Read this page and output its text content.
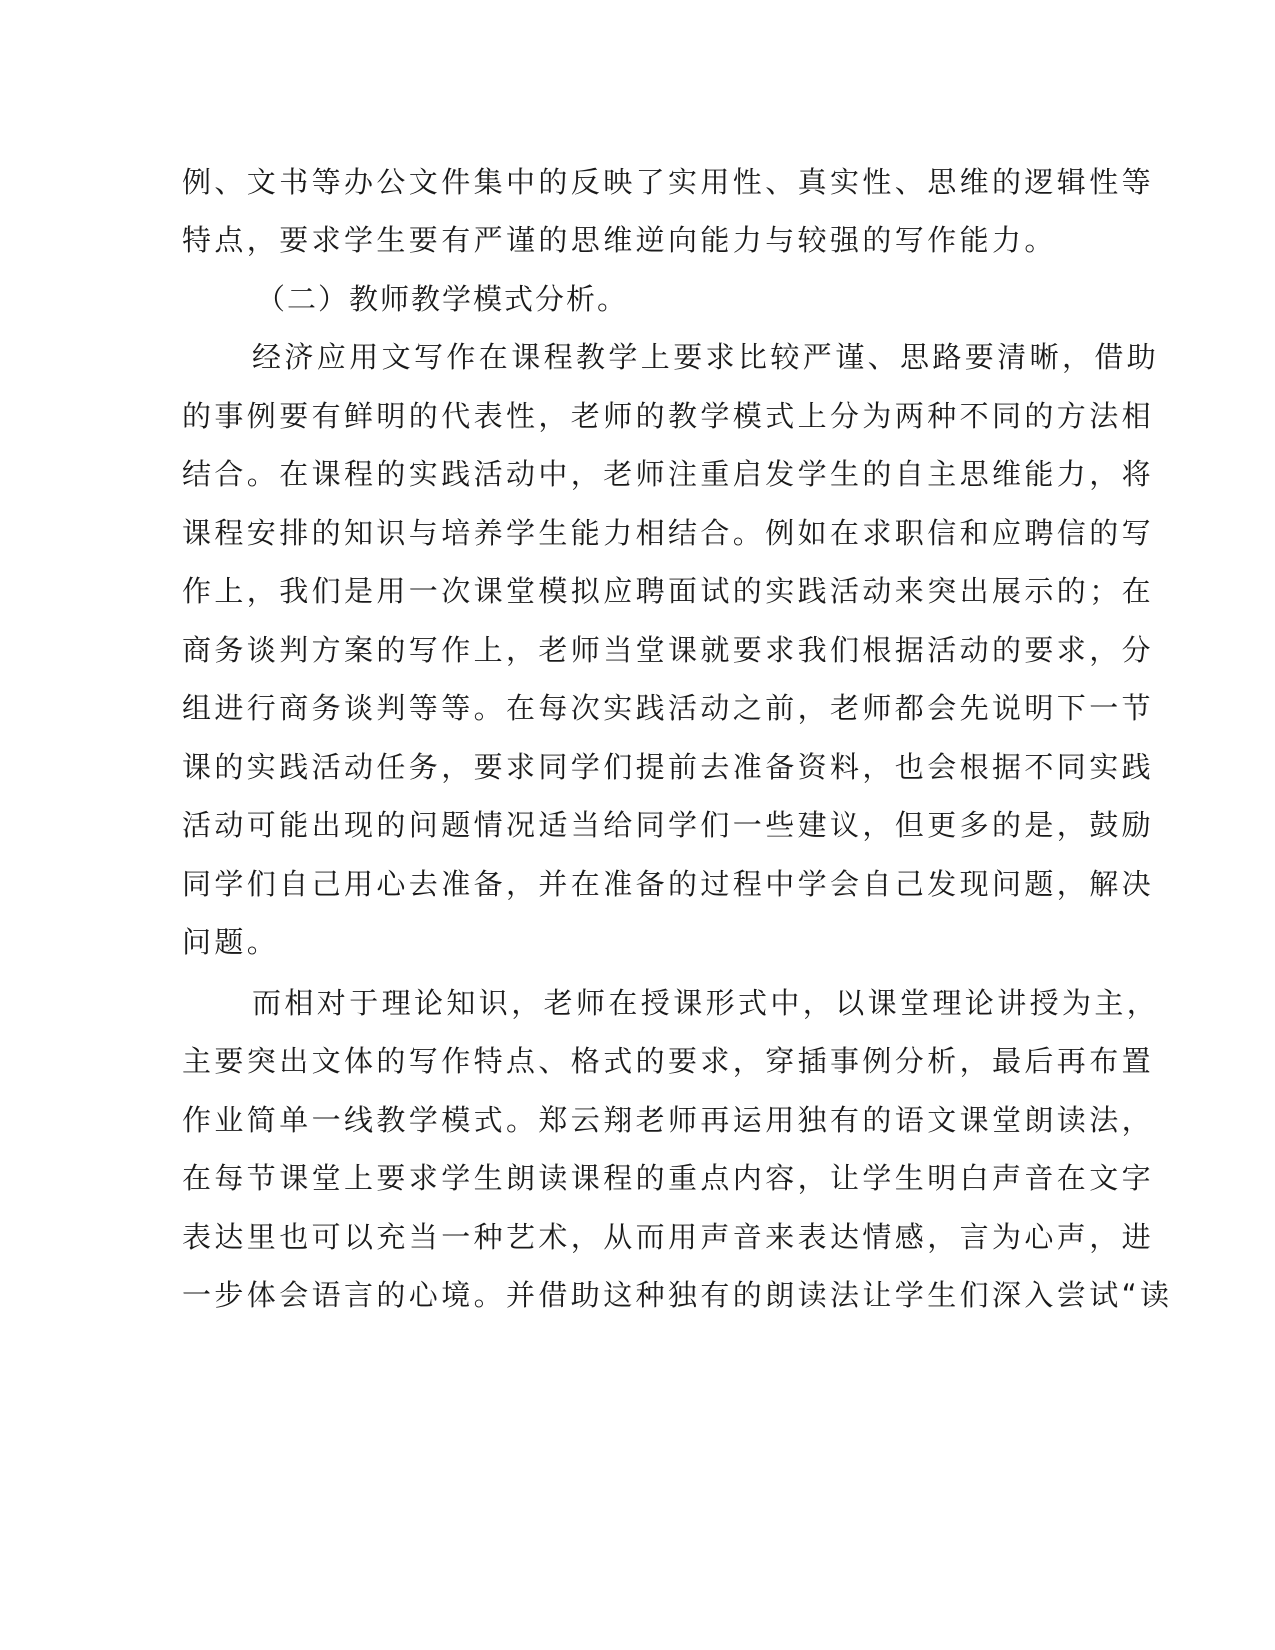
例、文书等办公文件集中的反映了实用性、真实性、思维的逻辑性等
特点，要求学生要有严谨的思维逆向能力与较强的写作能力。
（二）教师教学模式分析。
经济应用文写作在课程教学上要求比较严谨、思路要清晰，借助
的事例要有鲜明的代表性，老师的教学模式上分为两种不同的方法相
结合。在课程的实践活动中，老师注重启发学生的自主思维能力，将
课程安排的知识与培养学生能力相结合。例如在求职信和应聘信的写
作上，我们是用一次课堂模拟应聘面试的实践活动来突出展示的；在
商务谈判方案的写作上，老师当堂课就要求我们根据活动的要求，分
组进行商务谈判等等。在每次实践活动之前，老师都会先说明下一节
课的实践活动任务，要求同学们提前去准备资料，也会根据不同实践
活动可能出现的问题情况适当给同学们一些建议，但更多的是，鼓励
同学们自己用心去准备，并在准备的过程中学会自己发现问题，解决
问题。
而相对于理论知识，老师在授课形式中，以课堂理论讲授为主，
主要突出文体的写作特点、格式的要求，穿插事例分析，最后再布置
作业简单一线教学模式。郑云翔老师再运用独有的语文课堂朗读法，
在每节课堂上要求学生朗读课程的重点内容，让学生明白声音在文字
表达里也可以充当一种艺术，从而用声音来表达情感，言为心声，进
一步体会语言的心境。并借助这种独有的朗读法让学生们深入尝试“读
